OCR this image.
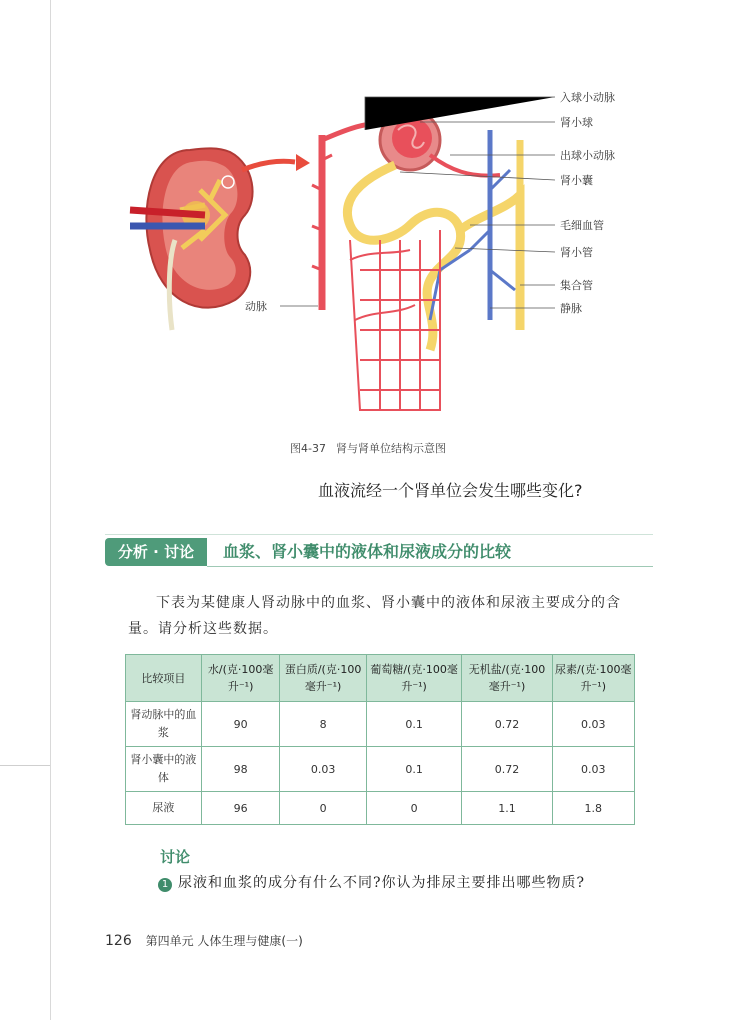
入球小动脉
肾小球
出球小动脉
肾小囊
毛细血管
肾小管
集合管
静脉
动脉
图4-37 肾与肾单位结构示意图
血液流经一个肾单位会发生哪些变化?
分析 · 讨论	血浆、肾小囊中的液体和尿液成分的比较
下表为某健康人肾动脉中的血浆、肾小囊中的液体和尿液主要成分的含量。请分析这些数据。
比较项目	水/(克·100毫升⁻¹)	蛋白质/(克·100毫升⁻¹)	葡萄糖/(克·100毫升⁻¹)	无机盐/(克·100毫升⁻¹)	尿素/(克·100毫升⁻¹)
肾动脉中的血浆	90	8	0.1	0.72	0.03
肾小囊中的液体	98	0.03	0.1	0.72	0.03
尿液	96	0	0	1.1	1.8
讨论
1 尿液和血浆的成分有什么不同?你认为排尿主要排出哪些物质?
126 第四单元 人体生理与健康(一)
